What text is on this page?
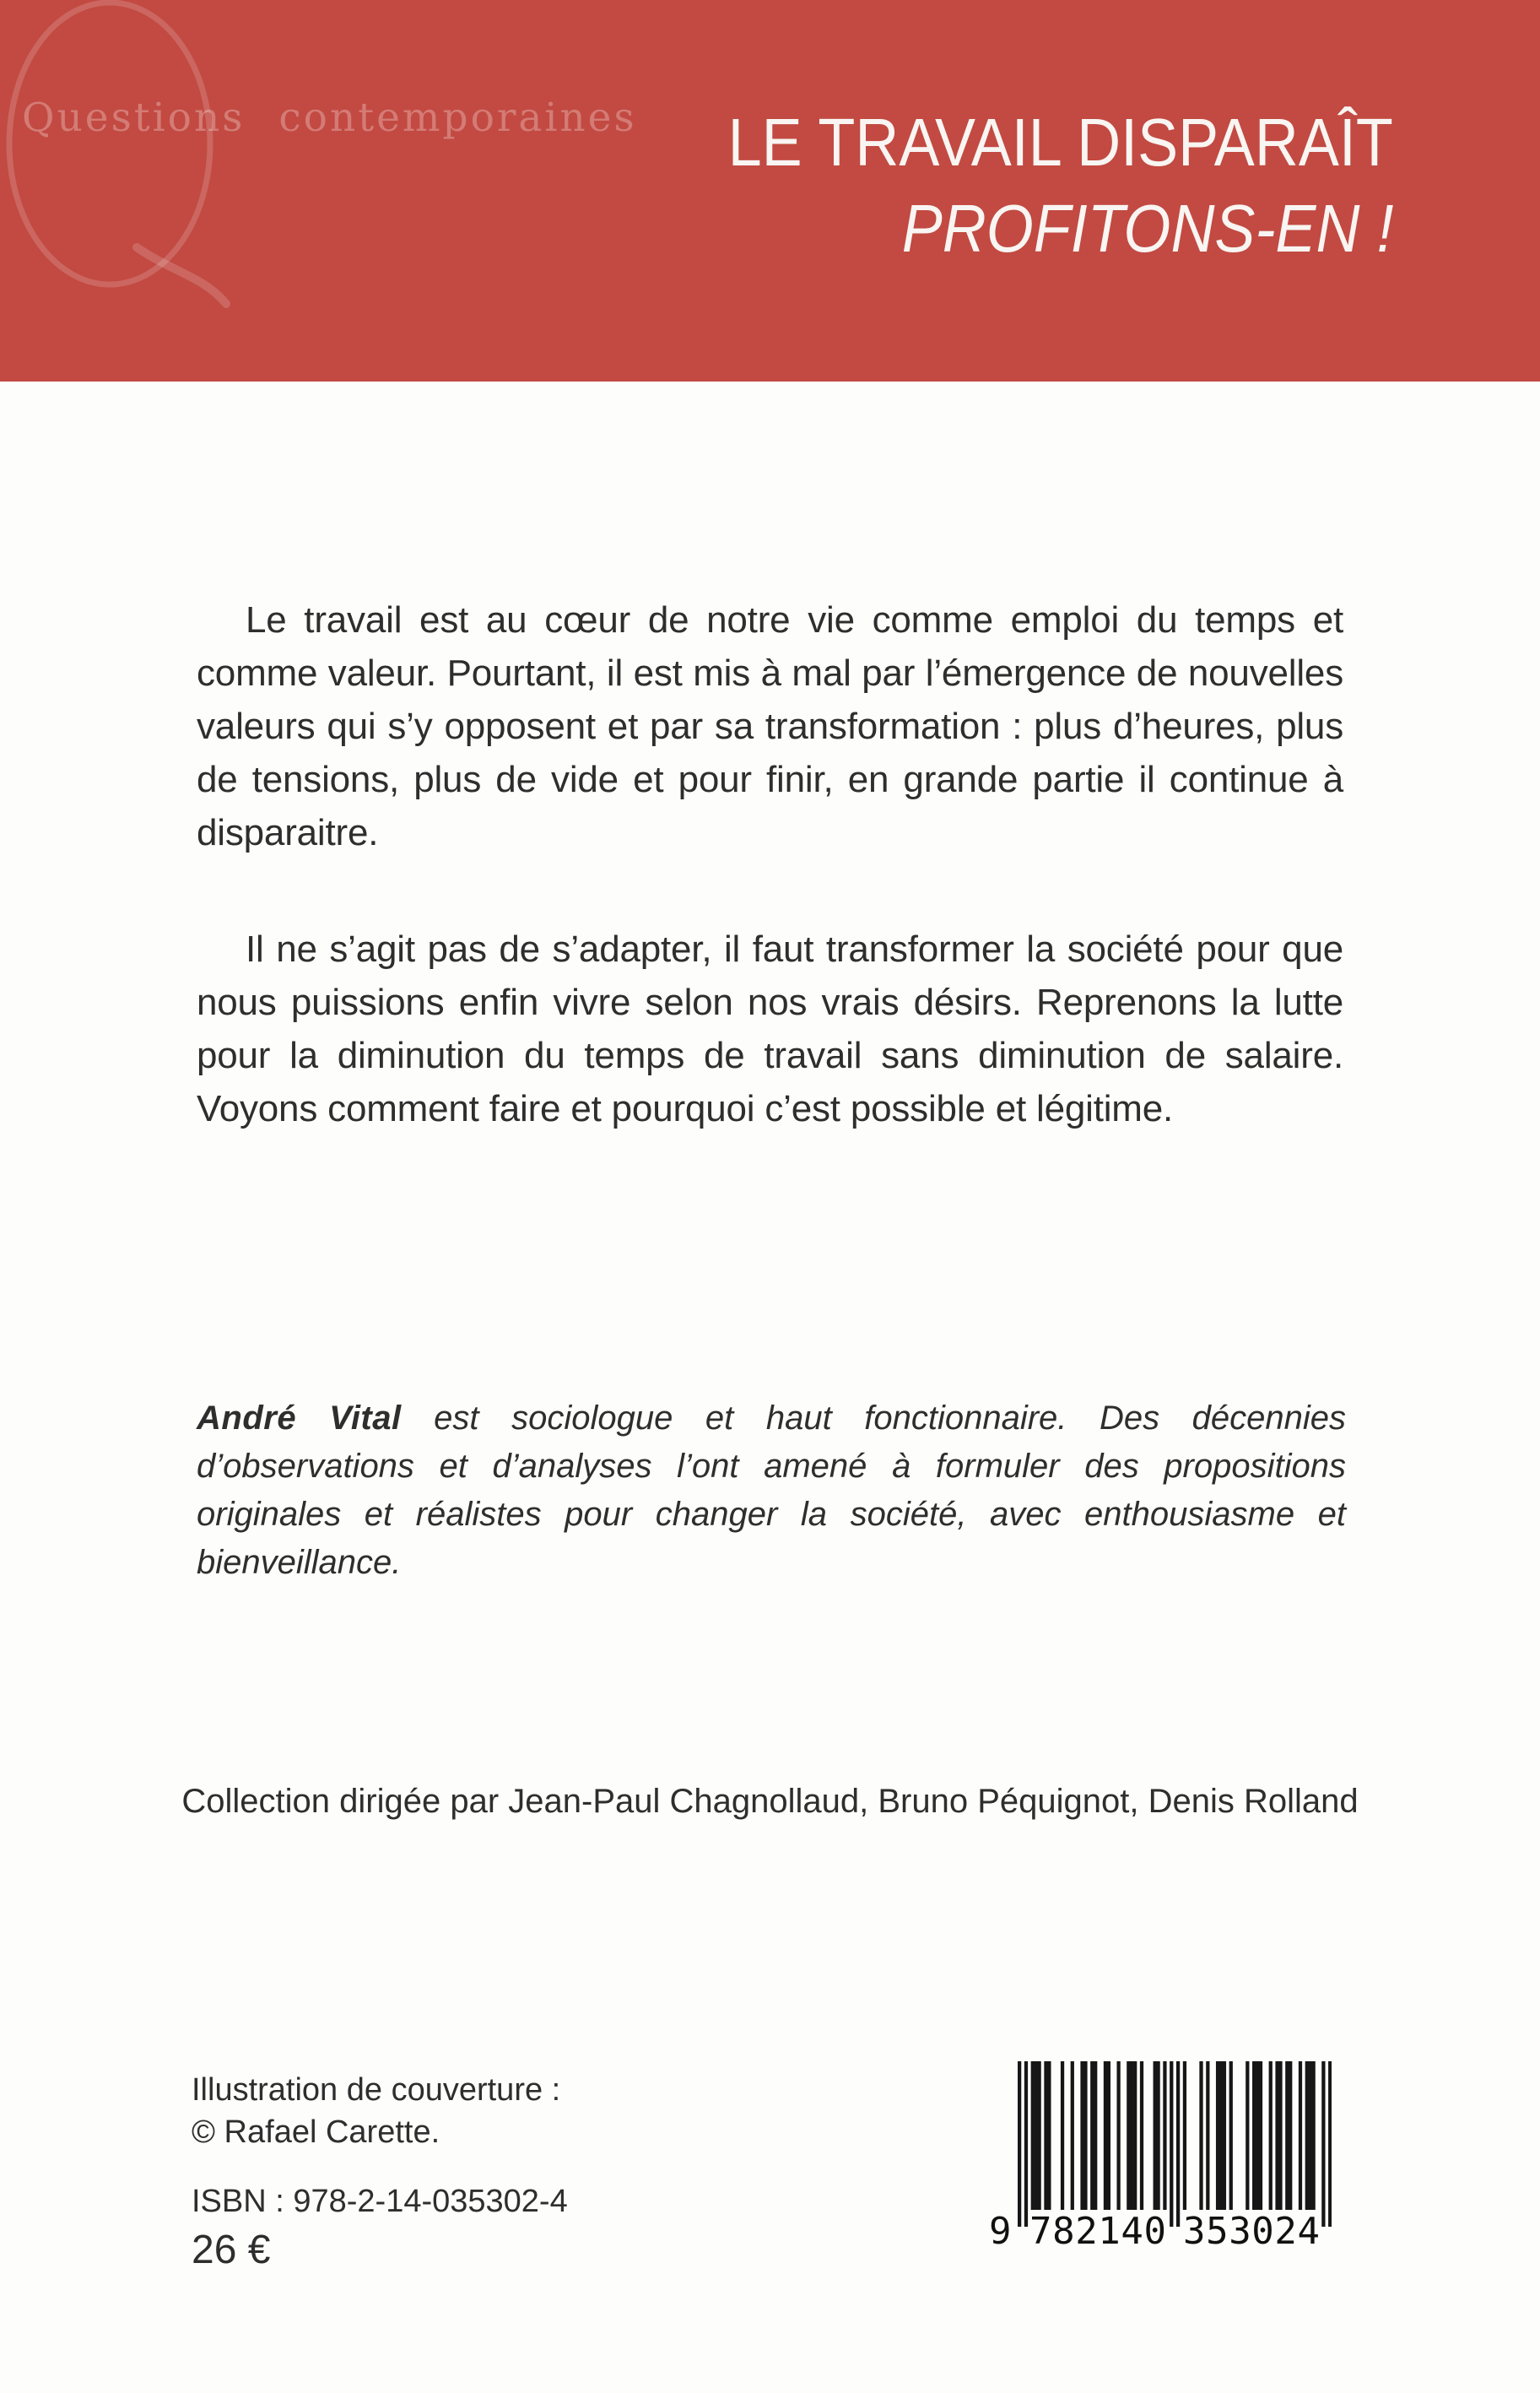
Questions contemporaines	LE TRAVAIL DISPARAÎT
PROFITONS-EN !

Le travail est au cœur de notre vie comme emploi du temps et comme valeur. Pourtant, il est mis à mal par l’émergence de nouvelles valeurs qui s’y opposent et par sa transformation : plus d’heures, plus de tensions, plus de vide et pour finir, en grande partie il continue à disparaitre.

Il ne s’agit pas de s’adapter, il faut transformer la société pour que nous puissions enfin vivre selon nos vrais désirs. Reprenons la lutte pour la diminution du temps de travail sans diminution de salaire. Voyons comment faire et pourquoi c’est possible et légitime.

André Vital est sociologue et haut fonctionnaire. Des décennies d’observations et d’analyses l’ont amené à formuler des propositions originales et réalistes pour changer la société, avec enthousiasme et bienveillance.

Collection dirigée par Jean-Paul Chagnollaud, Bruno Péquignot, Denis Rolland
Illustration de couverture :
© Rafael Carette.
ISBN : 978-2-14-035302-4
26 €	9 7 8 2 1 4 0 3 5 3 0 2 4
